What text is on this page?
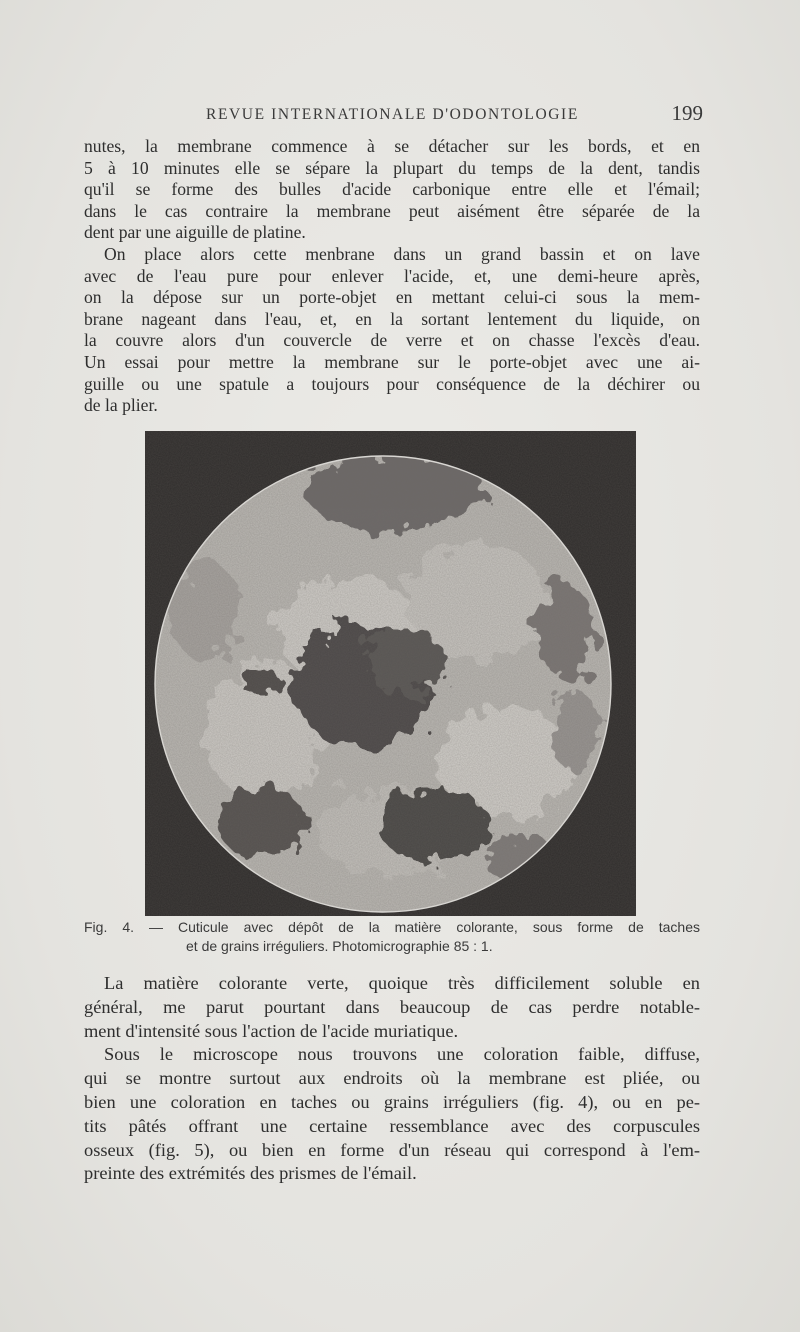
REVUE INTERNATIONALE D'ODONTOLOGIE	199
nutes, la membrane commence à se détacher sur les bords, et en
5 à 10 minutes elle se sépare la plupart du temps de la dent, tandis
qu'il se forme des bulles d'acide carbonique entre elle et l'émail;
dans le cas contraire la membrane peut aisément être séparée de la
dent par une aiguille de platine.
On place alors cette menbrane dans un grand bassin et on lave
avec de l'eau pure pour enlever l'acide, et, une demi-heure après,
on la dépose sur un porte-objet en mettant celui-ci sous la mem-
brane nageant dans l'eau, et, en la sortant lentement du liquide, on
la couvre alors d'un couvercle de verre et on chasse l'excès d'eau.
Un essai pour mettre la membrane sur le porte-objet avec une ai-
guille ou une spatule a toujours pour conséquence de la déchirer ou
de la plier.
Fig. 4. — Cuticule avec dépôt de la matière colorante, sous forme de taches
et de grains irréguliers. Photomicrographie 85 : 1.
La matière colorante verte, quoique très difficilement soluble en
général, me parut pourtant dans beaucoup de cas perdre notable-
ment d'intensité sous l'action de l'acide muriatique.
Sous le microscope nous trouvons une coloration faible, diffuse,
qui se montre surtout aux endroits où la membrane est pliée, ou
bien une coloration en taches ou grains irréguliers (fig. 4), ou en pe-
tits pâtés offrant une certaine ressemblance avec des corpuscules
osseux (fig. 5), ou bien en forme d'un réseau qui correspond à l'em-
preinte des extrémités des prismes de l'émail.
